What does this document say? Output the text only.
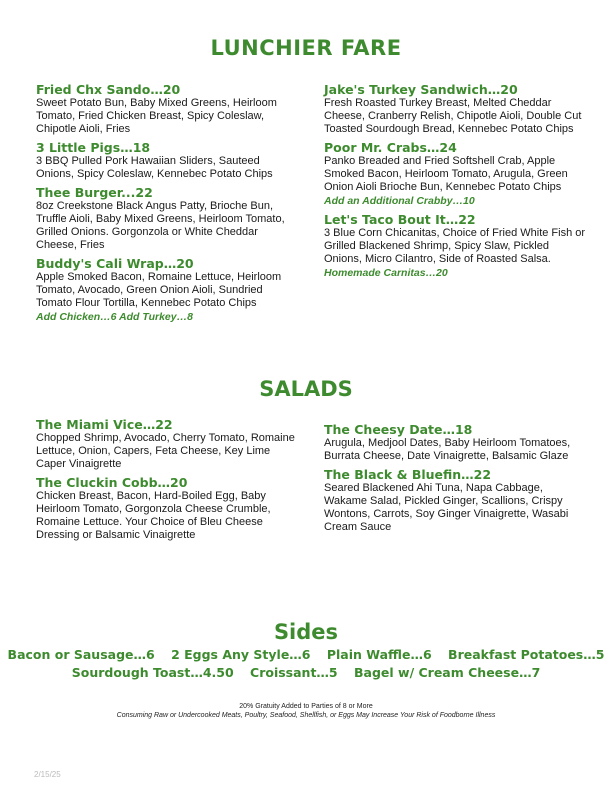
LUNCHIER FARE
Fried Chx Sando…20
Sweet Potato Bun, Baby Mixed Greens, Heirloom Tomato, Fried Chicken Breast, Spicy Coleslaw, Chipotle Aioli, Fries
3 Little Pigs…18
3 BBQ Pulled Pork Hawaiian Sliders, Sauteed Onions, Spicy Coleslaw, Kennebec Potato Chips
Thee Burger...22
8oz Creekstone Black Angus Patty, Brioche Bun, Truffle Aioli, Baby Mixed Greens, Heirloom Tomato, Grilled Onions. Gorgonzola or White Cheddar Cheese, Fries
Buddy's Cali Wrap…20
Apple Smoked Bacon, Romaine Lettuce, Heirloom Tomato, Avocado, Green Onion Aioli, Sundried Tomato Flour Tortilla, Kennebec Potato Chips
Add Chicken…6 Add Turkey…8
Jake's Turkey Sandwich…20
Fresh Roasted Turkey Breast, Melted Cheddar Cheese, Cranberry Relish, Chipotle Aioli, Double Cut Toasted Sourdough Bread, Kennebec Potato Chips
Poor Mr. Crabs…24
Panko Breaded and Fried Softshell Crab, Apple Smoked Bacon, Heirloom Tomato, Arugula, Green Onion Aioli Brioche Bun, Kennebec Potato Chips
Add an Additional Crabby…10
Let's Taco Bout It…22
3 Blue Corn Chicanitas, Choice of Fried White Fish or Grilled Blackened Shrimp, Spicy Slaw, Pickled Onions, Micro Cilantro, Side of Roasted Salsa.
Homemade Carnitas…20
SALADS
The Miami Vice…22
Chopped Shrimp, Avocado, Cherry Tomato, Romaine Lettuce, Onion, Capers, Feta Cheese, Key Lime Caper Vinaigrette
The Cluckin Cobb…20
Chicken Breast, Bacon, Hard-Boiled Egg, Baby Heirloom Tomato, Gorgonzola Cheese Crumble, Romaine Lettuce. Your Choice of Bleu Cheese Dressing or Balsamic Vinaigrette
The Cheesy Date…18
Arugula, Medjool Dates, Baby Heirloom Tomatoes, Burrata Cheese, Date Vinaigrette, Balsamic Glaze
The Black & Bluefin…22
Seared Blackened Ahi Tuna, Napa Cabbage, Wakame Salad, Pickled Ginger, Scallions, Crispy Wontons, Carrots, Soy Ginger Vinaigrette, Wasabi Cream Sauce
Sides
Bacon or Sausage…6 2 Eggs Any Style…6 Plain Waffle…6 Breakfast Potatoes…5
Sourdough Toast…4.50 Croissant…5 Bagel w/ Cream Cheese…7
20% Gratuity Added to Parties of 8 or More
Consuming Raw or Undercooked Meats, Poultry, Seafood, Shellfish, or Eggs May Increase Your Risk of Foodborne Illness
2/15/25
